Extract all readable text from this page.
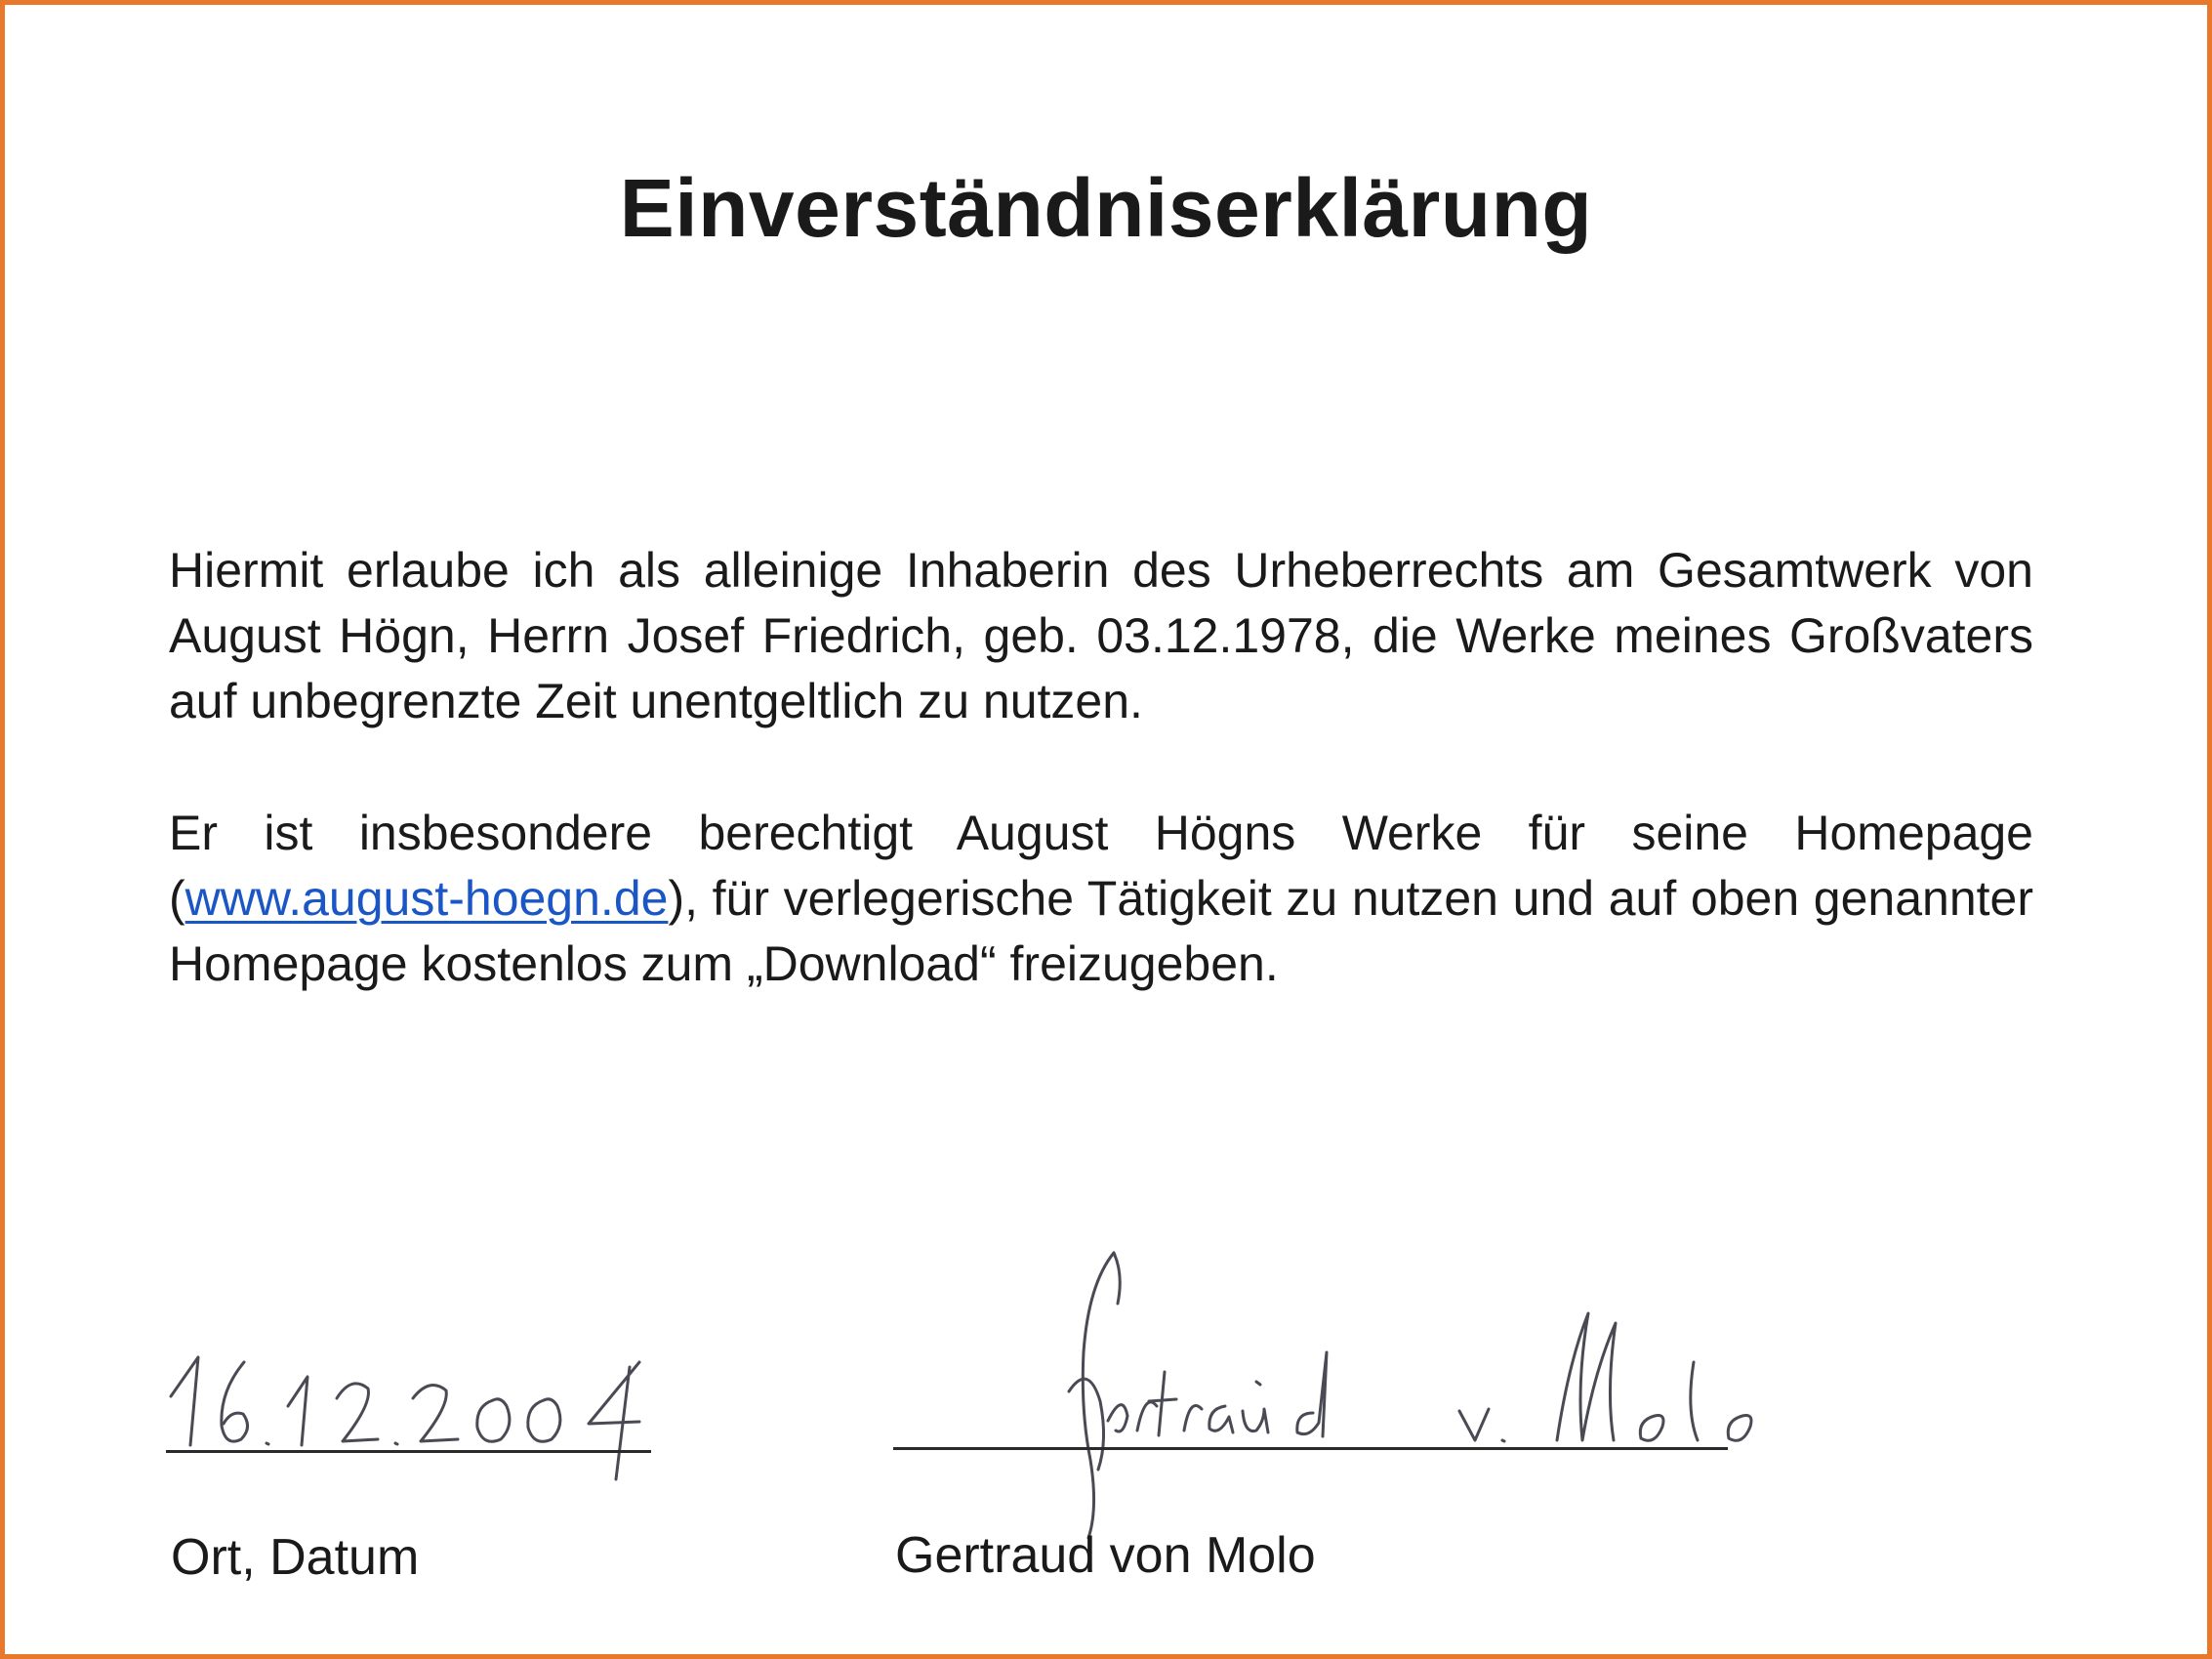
Einverständniserklärung

Hiermit erlaube ich als alleinige Inhaberin des Urheberrechts am Gesamtwerk von August Högn, Herrn Josef Friedrich, geb. 03.12.1978, die Werke meines Großvaters auf unbegrenzte Zeit unentgeltlich zu nutzen.

Er ist insbesondere berechtigt August Högns Werke für seine Homepage (www.august-hoegn.de), für verlegerische Tätigkeit zu nutzen und auf oben genannter Homepage kostenlos zum „Download“ freizugeben.

Ort, Datum	Gertraud von Molo
